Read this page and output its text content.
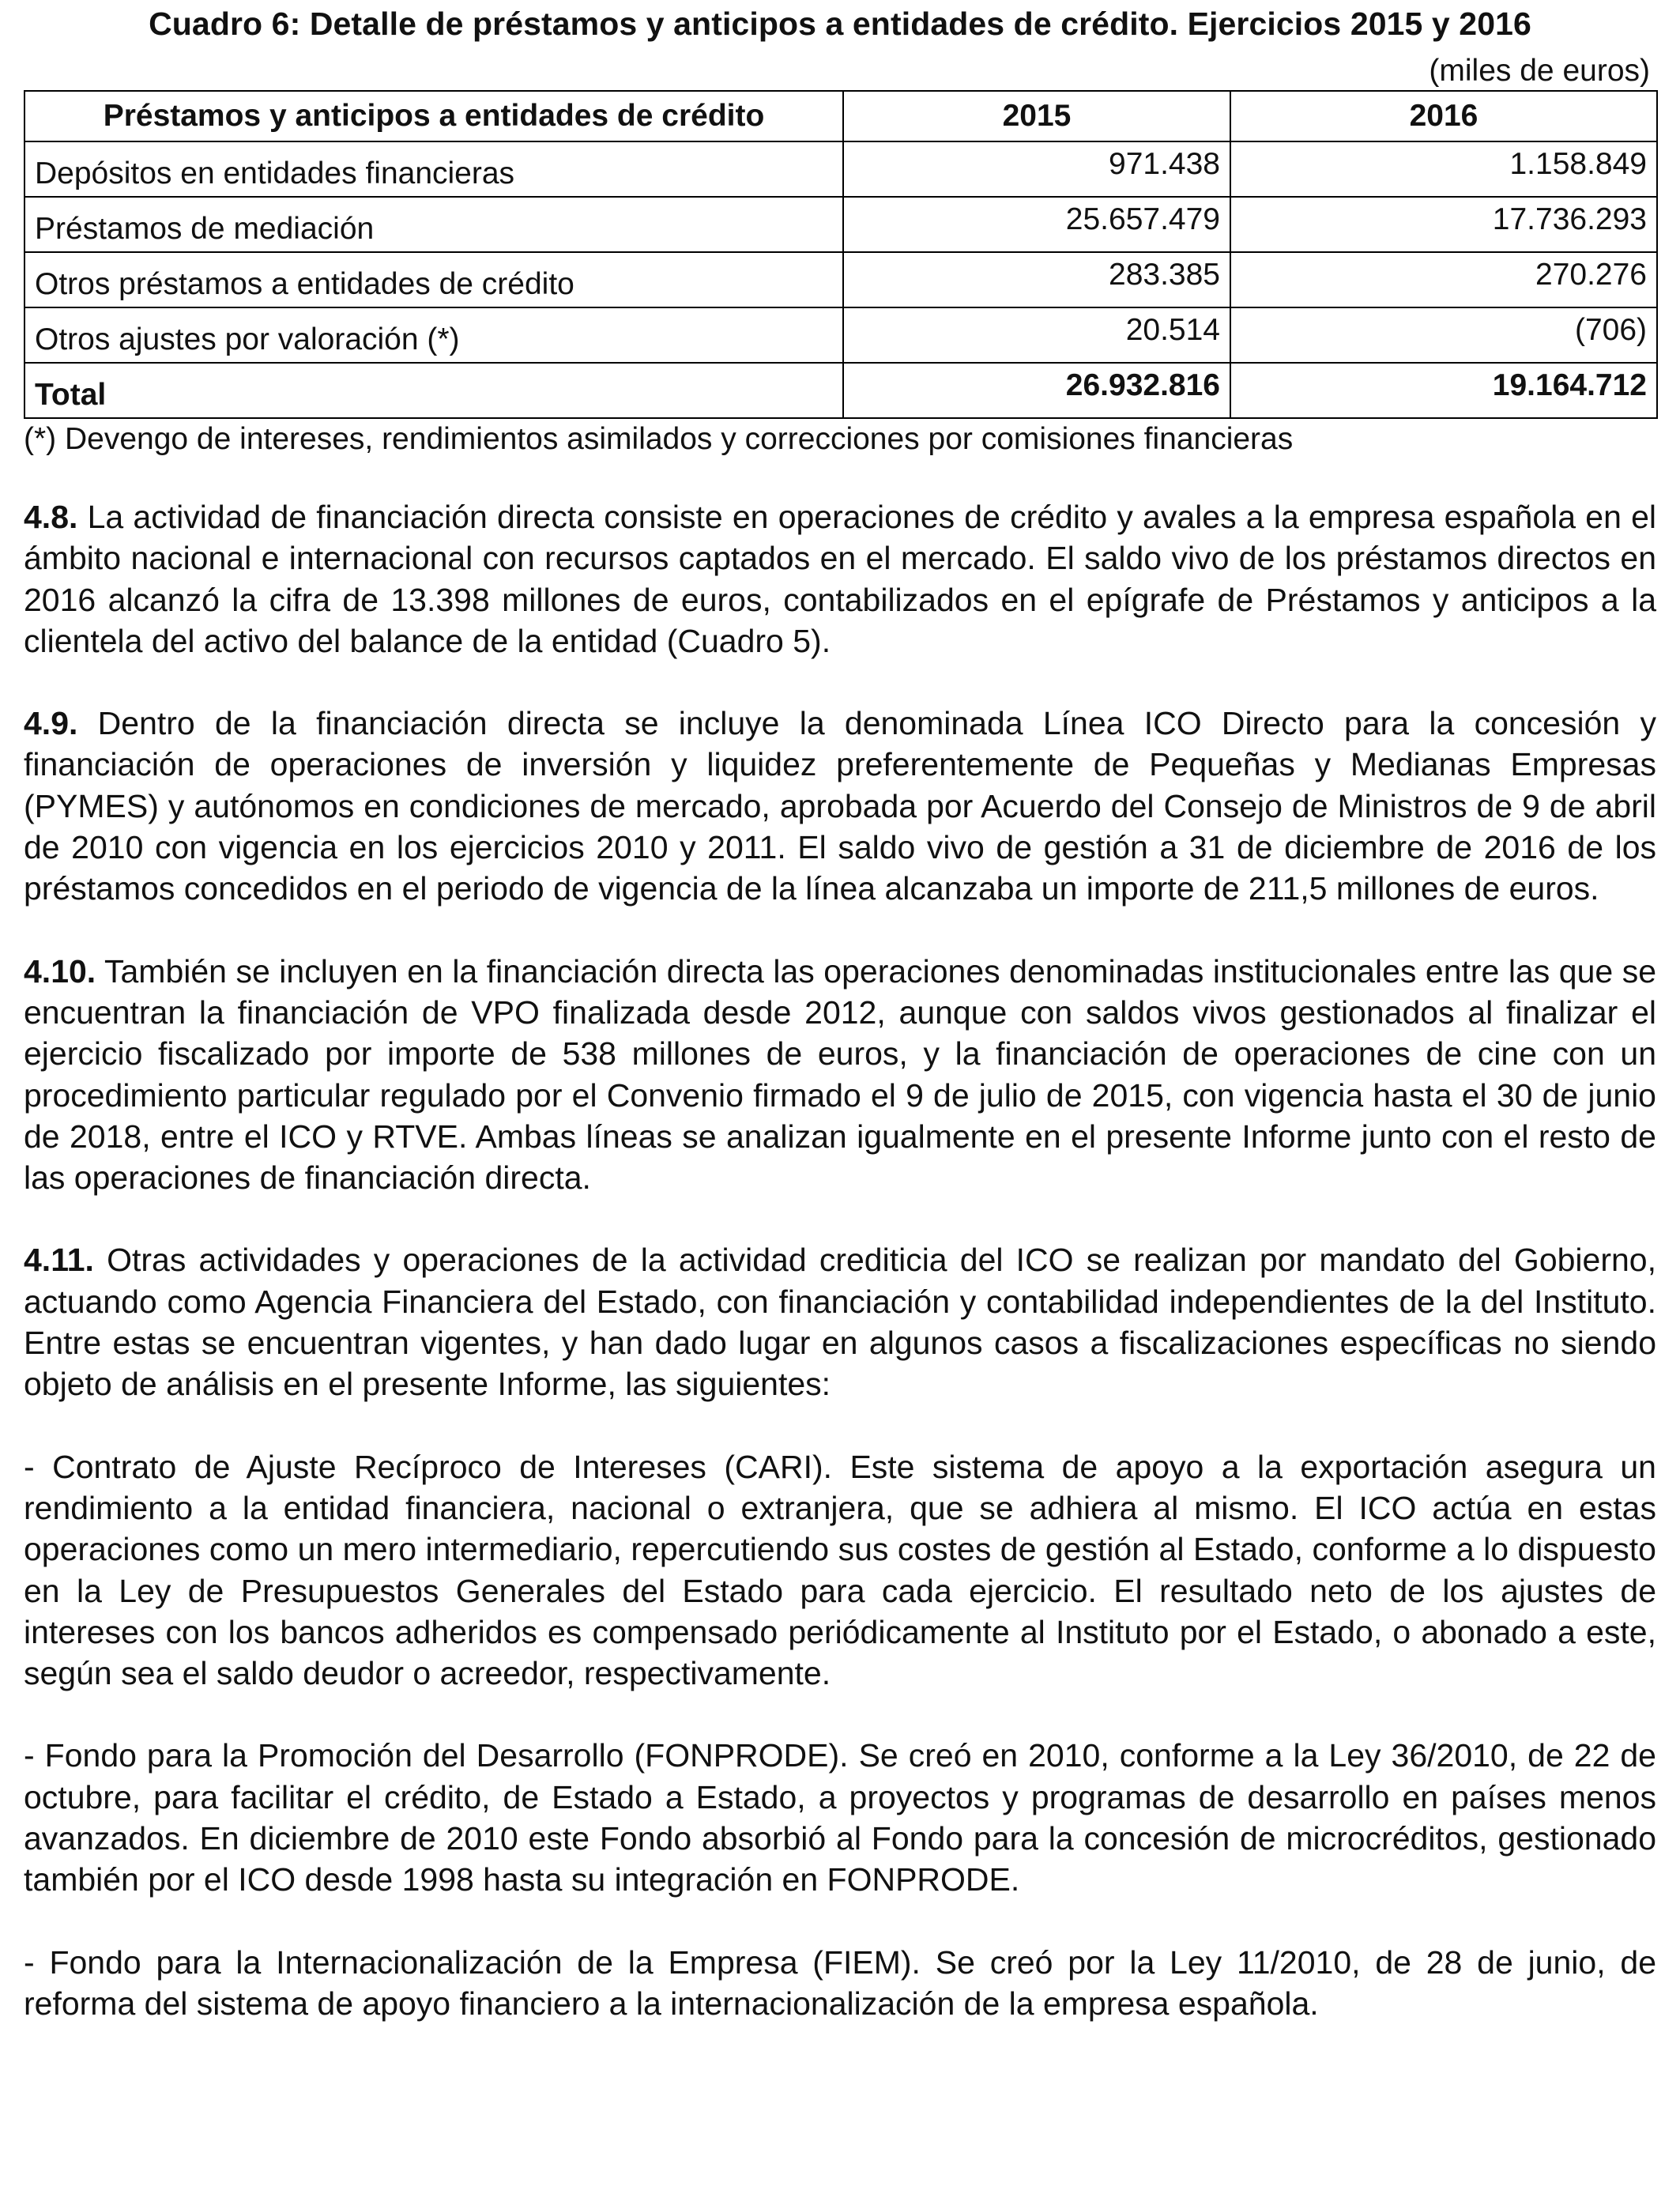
Cuadro 6: Detalle de préstamos y anticipos a entidades de crédito. Ejercicios 2015 y 2016
(miles de euros)
Préstamos y anticipos a entidades de crédito	2015	2016
Depósitos en entidades financieras	971.438	1.158.849
Préstamos de mediación	25.657.479	17.736.293
Otros préstamos a entidades de crédito	283.385	270.276
Otros ajustes por valoración (*)	20.514	(706)
Total	26.932.816	19.164.712
(*) Devengo de intereses, rendimientos asimilados y correcciones por comisiones financieras

4.8. La actividad de financiación directa consiste en operaciones de crédito y avales a la empresa española en el ámbito nacional e internacional con recursos captados en el mercado. El saldo vivo de los préstamos directos en 2016 alcanzó la cifra de 13.398 millones de euros, contabilizados en el epígrafe de Préstamos y anticipos a la clientela del activo del balance de la entidad (Cuadro 5).

4.9. Dentro de la financiación directa se incluye la denominada Línea ICO Directo para la concesión y financiación de operaciones de inversión y liquidez preferentemente de Pequeñas y Medianas Empresas (PYMES) y autónomos en condiciones de mercado, aprobada por Acuerdo del Consejo de Ministros de 9 de abril de 2010 con vigencia en los ejercicios 2010 y 2011. El saldo vivo de gestión a 31 de diciembre de 2016 de los préstamos concedidos en el periodo de vigencia de la línea alcanzaba un importe de 211,5 millones de euros.

4.10. También se incluyen en la financiación directa las operaciones denominadas institucionales entre las que se encuentran la financiación de VPO finalizada desde 2012, aunque con saldos vivos gestionados al finalizar el ejercicio fiscalizado por importe de 538 millones de euros, y la financiación de operaciones de cine con un procedimiento particular regulado por el Convenio firmado el 9 de julio de 2015, con vigencia hasta el 30 de junio de 2018, entre el ICO y RTVE. Ambas líneas se analizan igualmente en el presente Informe junto con el resto de las operaciones de financiación directa.

4.11. Otras actividades y operaciones de la actividad crediticia del ICO se realizan por mandato del Gobierno, actuando como Agencia Financiera del Estado, con financiación y contabilidad independientes de la del Instituto. Entre estas se encuentran vigentes, y han dado lugar en algunos casos a fiscalizaciones específicas no siendo objeto de análisis en el presente Informe, las siguientes:

- Contrato de Ajuste Recíproco de Intereses (CARI). Este sistema de apoyo a la exportación asegura un rendimiento a la entidad financiera, nacional o extranjera, que se adhiera al mismo. El ICO actúa en estas operaciones como un mero intermediario, repercutiendo sus costes de gestión al Estado, conforme a lo dispuesto en la Ley de Presupuestos Generales del Estado para cada ejercicio. El resultado neto de los ajustes de intereses con los bancos adheridos es compensado periódicamente al Instituto por el Estado, o abonado a este, según sea el saldo deudor o acreedor, respectivamente.

- Fondo para la Promoción del Desarrollo (FONPRODE). Se creó en 2010, conforme a la Ley 36/2010, de 22 de octubre, para facilitar el crédito, de Estado a Estado, a proyectos y programas de desarrollo en países menos avanzados. En diciembre de 2010 este Fondo absorbió al Fondo para la concesión de microcréditos, gestionado también por el ICO desde 1998 hasta su integración en FONPRODE.

- Fondo para la Internacionalización de la Empresa (FIEM). Se creó por la Ley 11/2010, de 28 de junio, de reforma del sistema de apoyo financiero a la internacionalización de la empresa española.
